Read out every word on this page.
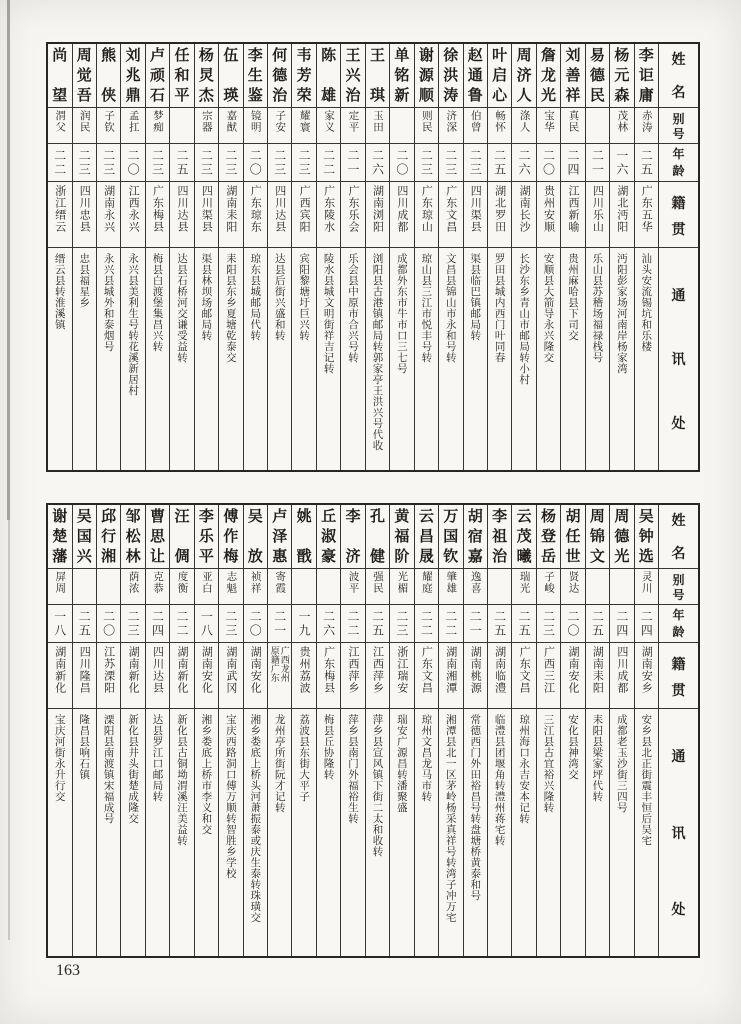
姓
名
别
号
年
龄
籍
贯
通
讯
处
李
讵
庸
赤涛
二五
广东五华
汕头安流锡坑和乐楼
杨
元
森
茂林
一六
湖北沔阳
沔阳彭家场河南岸杨家湾
易
德
民
二一
四川乐山
乐山县苏稽场福禄栈号
刘
善
祥
真民
二四
江西新喻
贵州麻哈县下司交
詹
龙
光
宝华
二〇
贵州安顺
安顺县大箭导永兴隆交
周
济
人
涤人
二六
湖南长沙
长沙东乡青山市邮局转小村
叶
启
心
畅怀
二五
湖北罗田
罗田县城内西门叶同春
赵
通
鲁
伯曾
二三
四川渠县
渠县临巴镇邮局转
徐
洪
涛
济深
二三
广东文昌
文昌县锦山市永和号转
谢
源
顺
则民
二三
广东琼山
琼山县三江市悦丰号转
单
铭
新
二〇
四川成都
成都外东市牛市口三七号
王
琪
玉田
二六
湖南浏阳
浏阳县古港镇邮局转郭家亭王洪兴号代收
王
兴
治
定平
二一
广东乐会
乐会县中原市合兴号转
陈
雄
家义
二二
广东陵水
陵水县城文明街祥吉记转
韦
芳
荣
耀寰
二三
广西宾阳
宾阳黎塘圩巨兴转
何
德
治
子安
二三
四川达县
达县后街兴盛和转
李
生
鉴
镜明
二〇
广东琼东
琼东县城邮局代转
伍
瑛
嘉猷
二三
湖南耒阳
耒阳县东乡夏塘乾泰交
杨
炅
杰
宗器
二三
四川渠县
渠县林坝场邮局转
任
和
平
二五
四川达县
达县石桥河交谦受益转
卢
顽
石
梦痴
二三
广东梅县
梅县白渡堡集昌兴转
刘
兆
鼎
孟扛
二〇
江西永兴
永兴县美利生号转花溪新居村
熊
侠
子钦
二三
湖南永兴
永兴县城外和泰烟号
周
觉
吾
润民
二三
四川忠县
忠县福星乡
尚
望
渭父
二二
浙江缙云
缙云县转淮溪镇
姓
名
别
号
年
龄
籍
贯
通
讯
处
吴
钟
选
灵川
二四
湖南安乡
安乡县北正街震丰恒后吴宅
周
德
光
二四
四川成都
成都老玉沙街三四号
周
锦
文
二五
湖南耒阳
耒阳县梁家坪代转
胡
任
世
贤达
二〇
湖南安化
安化县神湾交
杨
登
岳
子峻
二三
广西三江
三江县古宜裕兴隆转
云
茂
曦
瑞光
二五
广东文昌
琼州海口永吉安本记转
李
祖
治
二五
湖南临澧
临澧县团堰角转澧州蒋宅转
胡
宿
嘉
逸喜
二一
湖南桃源
常德西门外田裕昌号转盘塘桥黄泰和号
万
国
钦
肇雄
二二
湖南湘潭
湘潭县北一区茅岭杨采真祥号转湾子冲万宅
云
昌
晟
耀庭
二二
广东文昌
琼州文昌龙马市转
黄
福
阶
光楣
二三
浙江瑞安
瑞安广源昌转潘聚盛
孔
健
强民
二五
江西萍乡
萍乡县宣风镇下街二太和收转
李
济
波平
二二
江西萍乡
萍乡县南门外福裕生转
丘
淑
豪
二六
广东梅县
梅县丘协隆转
姚
戬
一九
贵州荔波
荔波县东街大平子
卢
泽
惠
寄霞
二一
广西龙州
原籍广东
龙州亭所街阮才记转
吴
放
祯祥
二〇
湖南安化
湘乡娄底上桥头河萧振泰或庆生泰转珠璜交
傅
作
梅
志魁
二三
湖南武冈
宝庆西路洞口傅万顺转智胜乡学校
李
乐
平
亚白
一八
湖南安化
湘乡娄底上桥市李义和交
汪
倜
度衡
二二
湖南新化
新化县古铜坳渭溪汪美益转
曹
思
让
克恭
二四
四川达县
达县罗江口邮局转
邹
松
林
荫浓
二三
湖南新化
新化县井头街楚成隆交
邱
行
湘
二〇
江苏溧阳
溧阳县南渡镇宋福成号
吴
国
兴
二五
四川隆昌
隆昌县响石镇
谢
楚
藩
屏周
一八
湖南新化
宝庆河街永升行交
163
